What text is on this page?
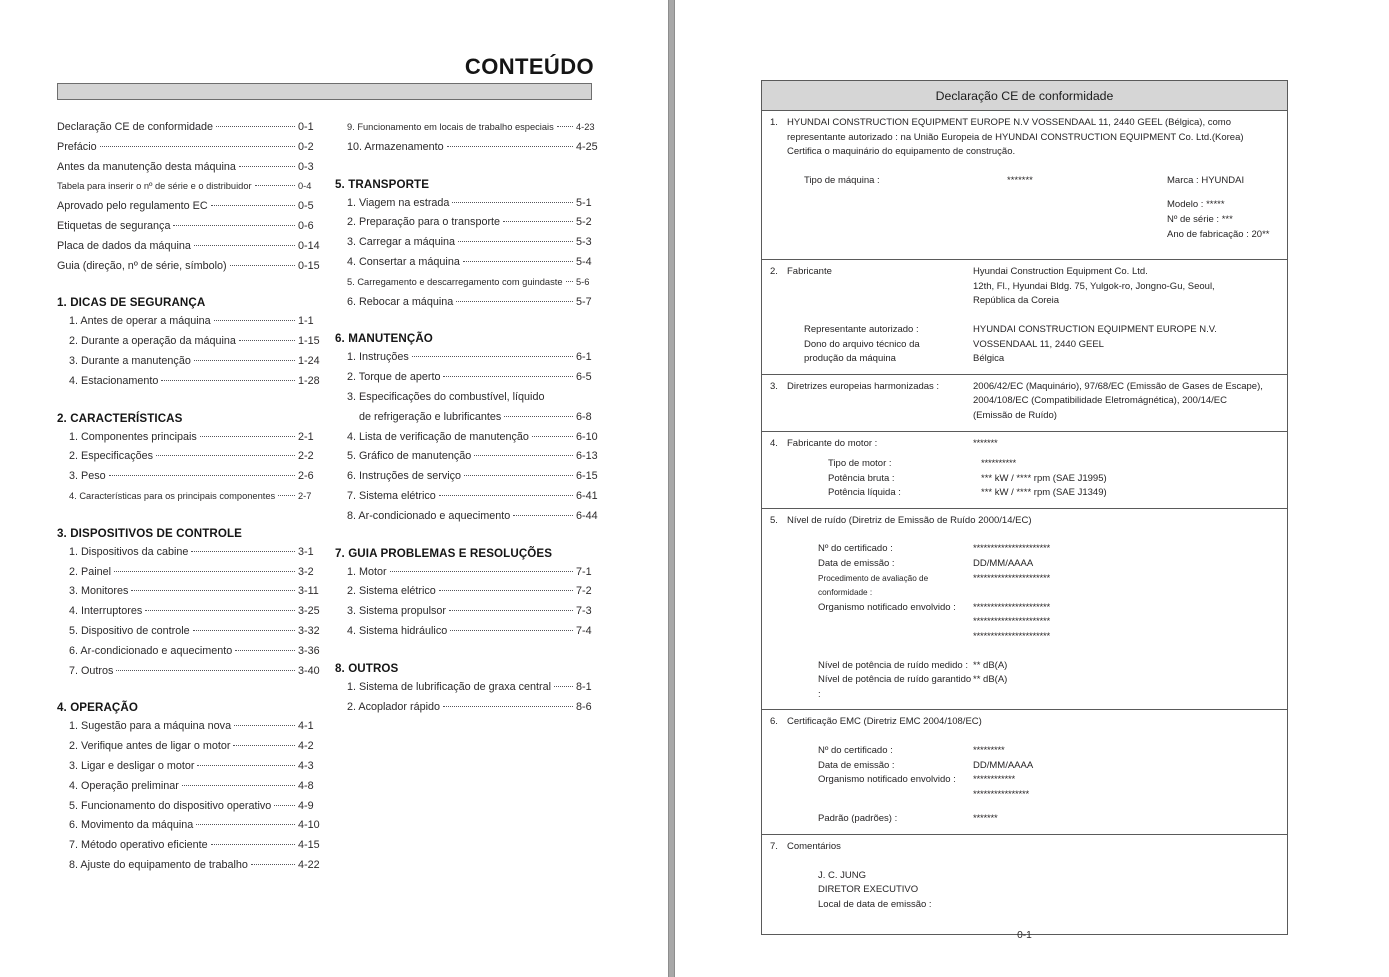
CONTEÚDO
Declaração CE de conformidade	0-1
Prefácio	0-2
Antes da manutenção desta máquina	0-3
Tabela para inserir o nº de série e o distribuidor	0-4
Aprovado pelo regulamento EC	0-5
Etiquetas de segurança	0-6
Placa de dados da máquina	0-14
Guia (direção, nº de série, símbolo)	0-15
1. DICAS DE SEGURANÇA
1. Antes de operar a máquina	1-1
2. Durante a operação da máquina	1-15
3. Durante a manutenção	1-24
4. Estacionamento	1-28
2. CARACTERÍSTICAS
1. Componentes principais	2-1
2. Especificações	2-2
3. Peso	2-6
4. Características para os principais componentes 2-7
3. DISPOSITIVOS DE CONTROLE
1. Dispositivos da cabine	3-1
2. Painel	3-2
3. Monitores	3-11
4. Interruptores	3-25
5. Dispositivo de controle	3-32
6. Ar-condicionado e aquecimento	3-36
7. Outros	3-40
4. OPERAÇÃO
1. Sugestão para a máquina nova	4-1
2. Verifique antes de ligar o motor	4-2
3. Ligar e desligar o motor	4-3
4. Operação preliminar	4-8
5. Funcionamento do dispositivo operativo 4-9
6. Movimento da máquina	4-10
7. Método operativo eficiente	4-15
8. Ajuste do equipamento de trabalho	4-22
9. Funcionamento em locais de trabalho especiais 4-23
10. Armazenamento	4-25
5. TRANSPORTE
1. Viagem na estrada	5-1
2. Preparação para o transporte	5-2
3. Carregar a máquina	5-3
4. Consertar a máquina	5-4
5. Carregamento e descarregamento com guindaste 5-6
6. Rebocar a máquina	5-7
6. MANUTENÇÃO
1. Instruções	6-1
2. Torque de aperto	6-5
3. Especificações do combustível, líquido
de refrigeração e lubrificantes	6-8
4. Lista de verificação de manutenção	6-10
5. Gráfico de manutenção	6-13
6. Instruções de serviço	6-15
7. Sistema elétrico	6-41
8. Ar-condicionado e aquecimento	6-44
7. GUIA PROBLEMAS E RESOLUÇÕES
1. Motor	7-1
2. Sistema elétrico	7-2
3. Sistema propulsor	7-3
4. Sistema hidráulico	7-4
8. OUTROS
1. Sistema de lubrificação de graxa central 8-1
2. Acoplador rápido	8-6
Declaração CE de conformidade
1. HYUNDAI CONSTRUCTION EQUIPMENT EUROPE N.V VOSSENDAAL 11, 2440 GEEL (Bélgica), como
representante autorizado : na União Europeia de HYUNDAI CONSTRUCTION EQUIPMENT Co. Ltd.(Korea)
Certifica o maquinário do equipamento de construção.
Tipo de máquina :	*******	Marca : HYUNDAI
Modelo : *****
Nº de série : ***
Ano de fabricação : 20**
2. Fabricante	Hyundai Construction Equipment Co. Ltd.
12th, Fl., Hyundai Bldg. 75, Yulgok-ro, Jongno-Gu, Seoul,
República da Coreia
Representante autorizado :	HYUNDAI CONSTRUCTION EQUIPMENT EUROPE N.V.
Dono do arquivo técnico da	VOSSENDAAL 11, 2440 GEEL
produção da máquina	Bélgica
3. Diretrizes europeias harmonizadas :	2006/42/EC (Maquinário), 97/68/EC (Emissão de Gases de Escape),
2004/108/EC (Compatibilidade Eletromágnética), 200/14/EC
(Emissão de Ruído)
4. Fabricante do motor :	*******
Tipo de motor :	**********
Potência bruta :	*** kW / **** rpm (SAE J1995)
Potência líquida :	*** kW / **** rpm (SAE J1349)
5. Nível de ruído (Diretriz de Emissão de Ruído 2000/14/EC)
Nº do certificado :	**********************
Data de emissão :	DD/MM/AAAA
Procedimento de avaliação de conformidade :
**********************
Organismo notificado envolvido :	**********************
**********************
**********************
Nível de potência de ruído medido : ** dB(A)
Nível de potência de ruído garantido :
** dB(A)
6. Certificação EMC (Diretriz EMC 2004/108/EC)
Nº do certificado :	*********
Data de emissão :	DD/MM/AAAA
Organismo notificado envolvido :	************
****************
Padrão (padrões) :	*******
7. Comentários
J. C. JUNG
DIRETOR EXECUTIVO
Local de data de emissão :
0-1
